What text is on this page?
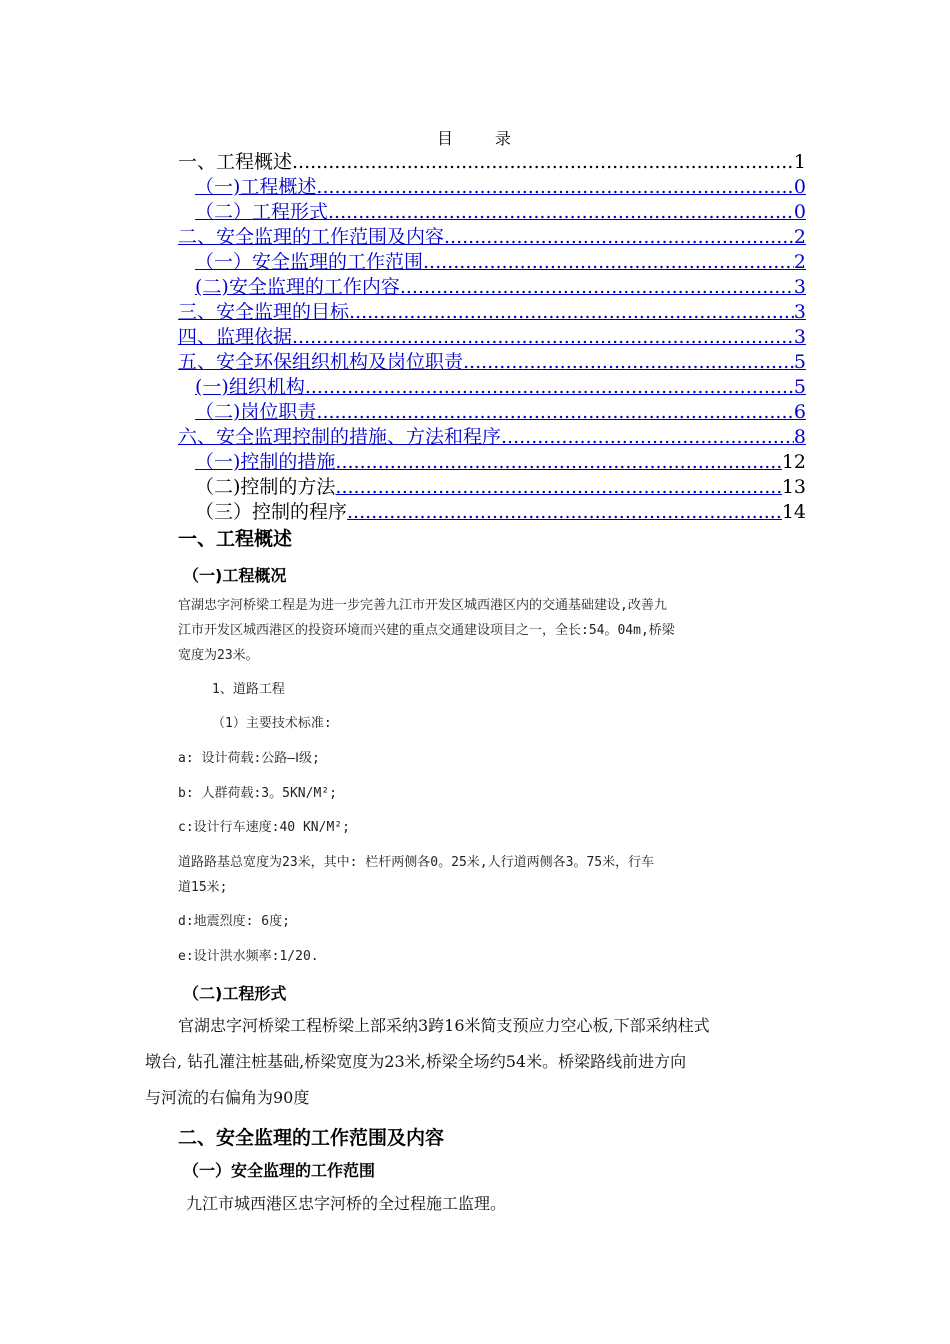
目	录
一、工程概述 .....	1
（一)工程概述 .....	0
（二）工程形式 .....	0
二、安全监理的工作范围及内容 .....	2
（一）安全监理的工作范围 .....	2
(二)安全监理的工作内容 .....	3
三、安全监理的目标 .....	3
四、监理依据 .....	3
五、安全环保组织机构及岗位职责 .....	5
(一)组织机构 .....	5
（二)岗位职责 .....	6
六、安全监理控制的措施、方法和程序 .....	8
（一)控制的措施 .....	12
（二)控制的方法 .....	13
（三）控制的程序 .....	14
一、工程概述
（一)工程概况
官湖忠字河桥梁工程是为进一步完善九江市开发区城西港区内的交通基础建设,改善九
江市开发区城西港区的投资环境而兴建的重点交通建设项目之一，全长:54。04m,桥梁
宽度为23米。
1、道路工程
（1）主要技术标准:
a: 设计荷载:公路—Ⅰ级;
b: 人群荷载:3。5KN/M²;
c:设计行车速度:40 KN/M²;
道路路基总宽度为23米，其中: 栏杆两侧各0。25米,人行道两侧各3。75米，行车
道15米;
d:地震烈度: 6度;
e:设计洪水频率:1/20.
（二)工程形式
官湖忠字河桥梁工程桥梁上部采纳3跨16米简支预应力空心板,下部采纳柱式
墩台, 钻孔灌注桩基础,桥梁宽度为23米,桥梁全场约54米。桥梁路线前进方向
与河流的右偏角为90度
二、安全监理的工作范围及内容
（一）安全监理的工作范围
九江市城西港区忠字河桥的全过程施工监理。
